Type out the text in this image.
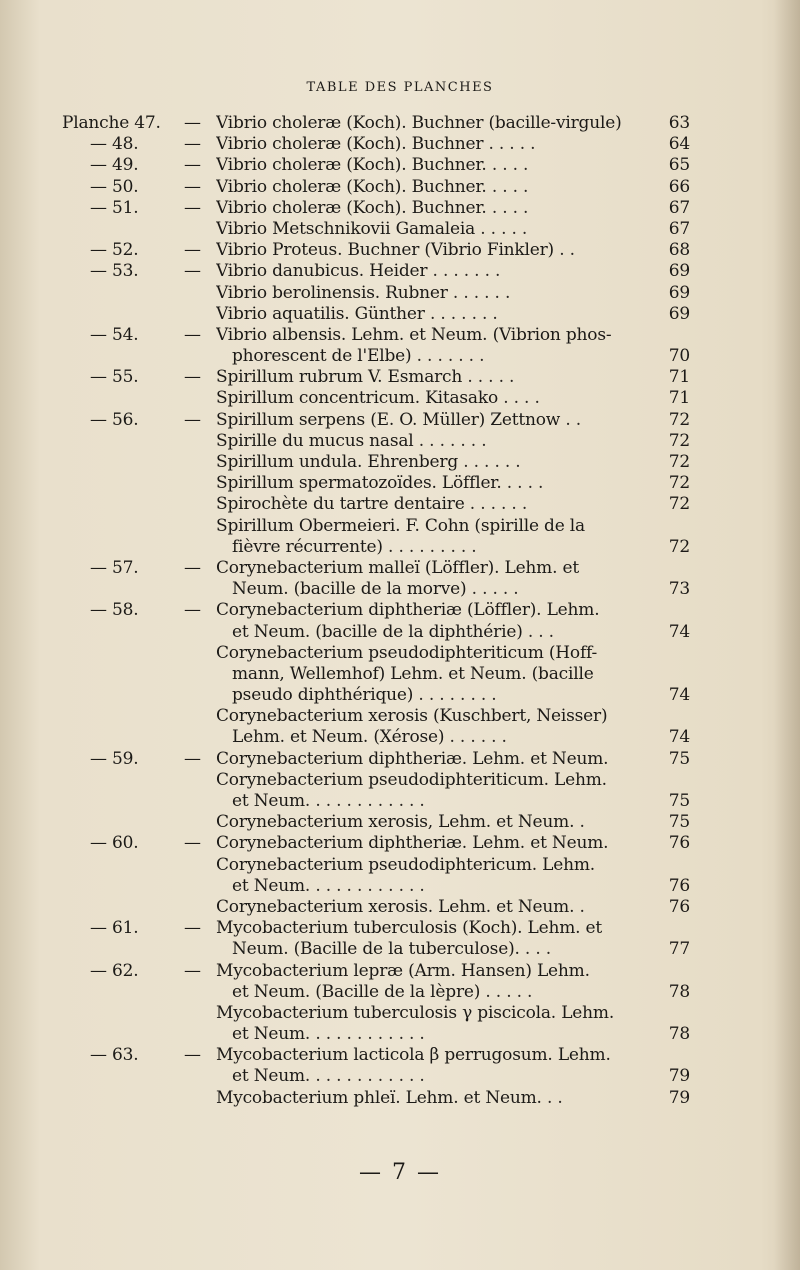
TABLE DES PLANCHES
Planche 47.	— Vibrio choleræ (Koch). Buchner (bacille-virgule)	63
— 48.	— Vibrio choleræ (Koch). Buchner . . . . .	64
— 49.	— Vibrio choleræ (Koch). Buchner. . . . .	65
— 50.	— Vibrio choleræ (Koch). Buchner. . . . .	66
— 51.	— Vibrio choleræ (Koch). Buchner. . . . .	67
Vibrio Metschnikovii Gamaleia . . . . .	67
— 52.	— Vibrio Proteus. Buchner (Vibrio Finkler) . .	68
— 53.	— Vibrio danubicus. Heider . . . . . . .	69
Vibrio berolinensis. Rubner . . . . . .	69
Vibrio aquatilis. Günther . . . . . . .	69
— 54.	— Vibrio albensis. Lehm. et Neum. (Vibrion phos-
phorescent de l'Elbe) . . . . . . .	70
— 55.	— Spirillum rubrum V. Esmarch . . . . .	71
Spirillum concentricum. Kitasako . . . .	71
— 56.	— Spirillum serpens (E. O. Müller) Zettnow . .	72
Spirille du mucus nasal . . . . . . .	72
Spirillum undula. Ehrenberg . . . . . .	72
Spirillum spermatozoïdes. Löffler. . . . .	72
Spirochète du tartre dentaire . . . . . .	72
Spirillum Obermeieri. F. Cohn (spirille de la
fièvre récurrente) . . . . . . . . .	72
— 57.	— Corynebacterium malleï (Löffler). Lehm. et
Neum. (bacille de la morve) . . . . .	73
— 58.	— Corynebacterium diphtheriæ (Löffler). Lehm.
et Neum. (bacille de la diphthérie) . . .	74
Corynebacterium pseudodiphteriticum (Hoff-
mann, Wellemhof) Lehm. et Neum. (bacille
pseudo diphthérique) . . . . . . . .	74
Corynebacterium xerosis (Kuschbert, Neisser)
Lehm. et Neum. (Xérose) . . . . . .	74
— 59.	— Corynebacterium diphtheriæ. Lehm. et Neum.	75
Corynebacterium pseudodiphteriticum. Lehm.
et Neum. . . . . . . . . . . .	75
Corynebacterium xerosis, Lehm. et Neum. .	75
— 60.	— Corynebacterium diphtheriæ. Lehm. et Neum.	76
Corynebacterium pseudodiphtericum. Lehm.
et Neum. . . . . . . . . . . .	76
Corynebacterium xerosis. Lehm. et Neum. .	76
— 61.	— Mycobacterium tuberculosis (Koch). Lehm. et
Neum. (Bacille de la tuberculose). . . .	77
— 62.	— Mycobacterium lepræ (Arm. Hansen) Lehm.
et Neum. (Bacille de la lèpre) . . . . .	78
Mycobacterium tuberculosis γ piscicola. Lehm.
et Neum. . . . . . . . . . . .	78
— 63.	— Mycobacterium lacticola β perrugosum. Lehm.
et Neum. . . . . . . . . . . .	79
Mycobacterium phleï. Lehm. et Neum. . .	79
— 7 —
